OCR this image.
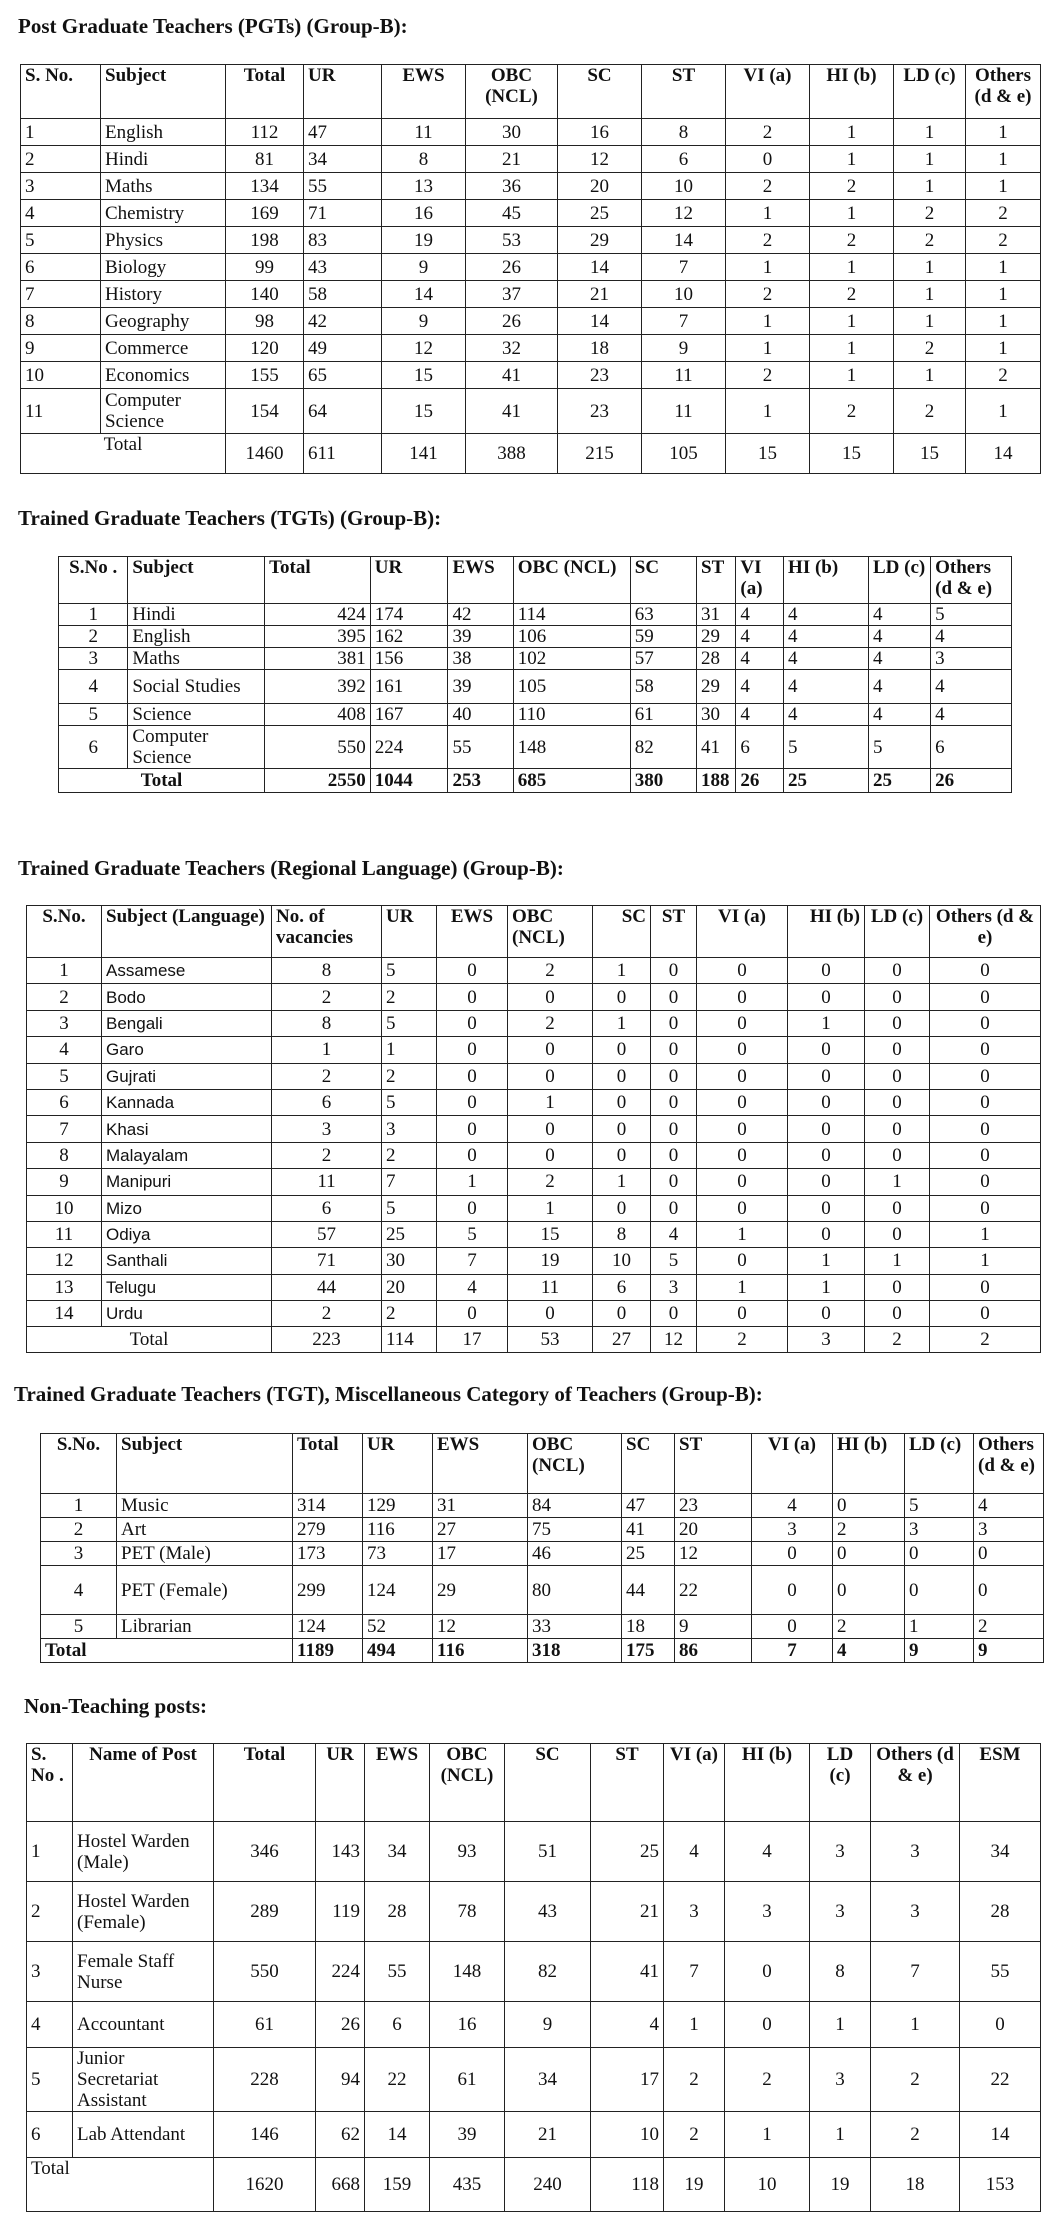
Post Graduate Teachers (PGTs) (Group-B):
S. No.	Subject	Total	UR	EWS	OBC (NCL)	SC	ST	VI (a)	HI (b)	LD (c)	Others (d & e)
1	English	112	47	11	30	16	8	2	1	1	1
2	Hindi	81	34	8	21	12	6	0	1	1	1
3	Maths	134	55	13	36	20	10	2	2	1	1
4	Chemistry	169	71	16	45	25	12	1	1	2	2
5	Physics	198	83	19	53	29	14	2	2	2	2
6	Biology	99	43	9	26	14	7	1	1	1	1
7	History	140	58	14	37	21	10	2	2	1	1
8	Geography	98	42	9	26	14	7	1	1	1	1
9	Commerce	120	49	12	32	18	9	1	1	2	1
10	Economics	155	65	15	41	23	11	2	1	1	2
11	Computer Science	154	64	15	41	23	11	1	2	2	1
Total		1460	611	141	388	215	105	15	15	15	14
Trained Graduate Teachers (TGTs) (Group-B):
S.No .	Subject	Total	UR	EWS	OBC (NCL)	SC	ST	VI (a)	HI (b)	LD (c)	Others (d & e)
1	Hindi	424	174	42	114	63	31	4	4	4	5
2	English	395	162	39	106	59	29	4	4	4	4
3	Maths	381	156	38	102	57	28	4	4	4	3
4	Social Studies	392	161	39	105	58	29	4	4	4	4
5	Science	408	167	40	110	61	30	4	4	4	4
6	Computer Science	550	224	55	148	82	41	6	5	5	6
Total		2550	1044	253	685	380	188	26	25	25	26
Trained Graduate Teachers (Regional Language) (Group-B):
S.No.	Subject (Language)	No. of vacancies	UR	EWS	OBC (NCL)	SC	ST	VI (a)	HI (b)	LD (c)	Others (d & e)
1	Assamese	8	5	0	2	1	0	0	0	0	0
2	Bodo	2	2	0	0	0	0	0	0	0	0
3	Bengali	8	5	0	2	1	0	0	1	0	0
4	Garo	1	1	0	0	0	0	0	0	0	0
5	Gujrati	2	2	0	0	0	0	0	0	0	0
6	Kannada	6	5	0	1	0	0	0	0	0	0
7	Khasi	3	3	0	0	0	0	0	0	0	0
8	Malayalam	2	2	0	0	0	0	0	0	0	0
9	Manipuri	11	7	1	2	1	0	0	0	1	0
10	Mizo	6	5	0	1	0	0	0	0	0	0
11	Odiya	57	25	5	15	8	4	1	0	0	1
12	Santhali	71	30	7	19	10	5	0	1	1	1
13	Telugu	44	20	4	11	6	3	1	1	0	0
14	Urdu	2	2	0	0	0	0	0	0	0	0
Total		223	114	17	53	27	12	2	3	2	2
Trained Graduate Teachers (TGT), Miscellaneous Category of Teachers (Group-B):
S.No.	Subject	Total	UR	EWS	OBC (NCL)	SC	ST	VI (a)	HI (b)	LD (c)	Others (d & e)
1	Music	314	129	31	84	47	23	4	0	5	4
2	Art	279	116	27	75	41	20	3	2	3	3
3	PET (Male)	173	73	17	46	25	12	0	0	0	0
4	PET (Female)	299	124	29	80	44	22	0	0	0	0
5	Librarian	124	52	12	33	18	9	0	2	1	2
Total		1189	494	116	318	175	86	7	4	9	9
Non-Teaching posts:
S. No .	Name of Post	Total	UR	EWS	OBC (NCL)	SC	ST	VI (a)	HI (b)	LD (c)	Others (d & e)	ESM
1	Hostel Warden (Male)	346	143	34	93	51	25	4	4	3	3	34
2	Hostel Warden (Female)	289	119	28	78	43	21	3	3	3	3	28
3	Female Staff Nurse	550	224	55	148	82	41	7	0	8	7	55
4	Accountant	61	26	6	16	9	4	1	0	1	1	0
5	Junior Secretariat Assistant	228	94	22	61	34	17	2	2	3	2	22
6	Lab Attendant	146	62	14	39	21	10	2	1	1	2	14
Total		1620	668	159	435	240	118	19	10	19	18	153
